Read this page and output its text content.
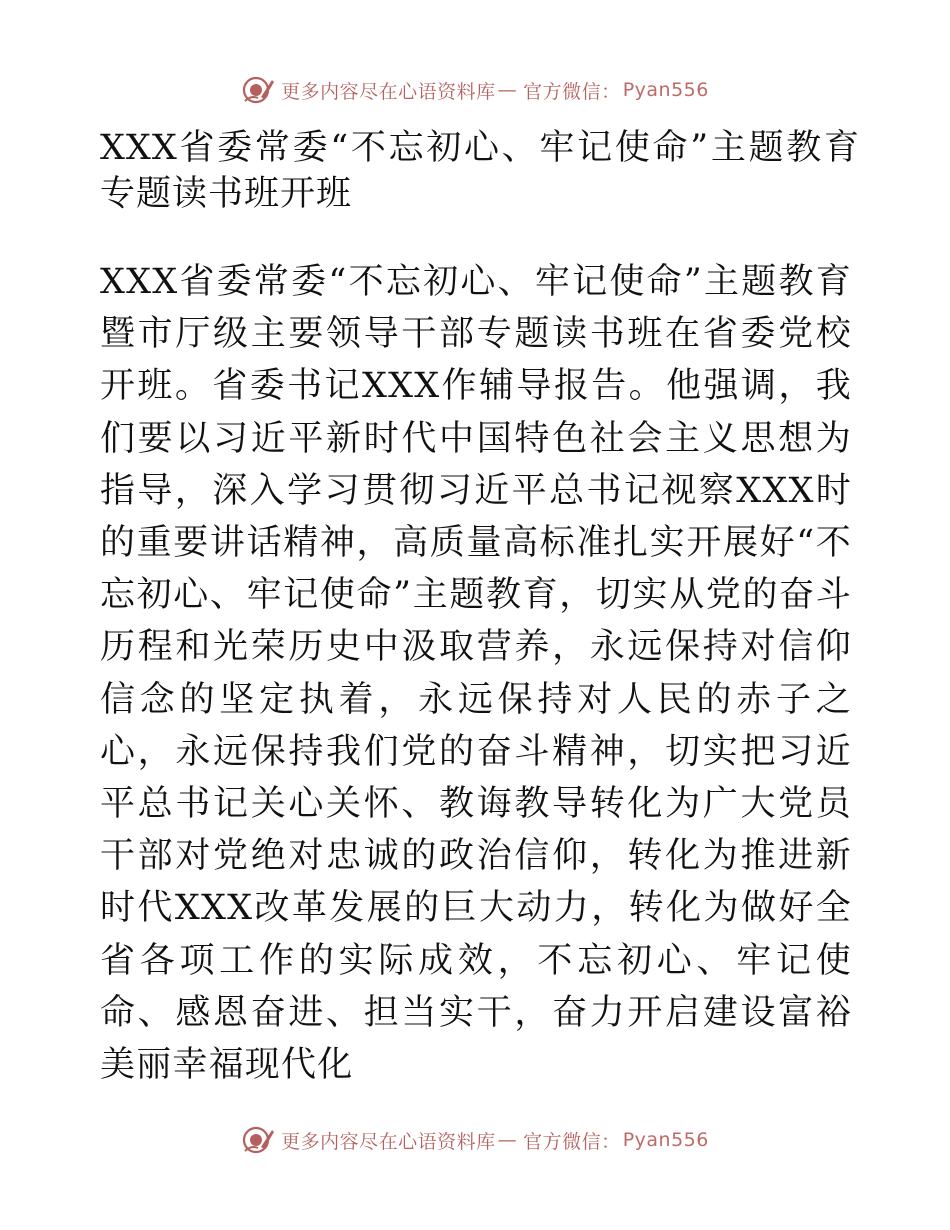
更多内容尽在心语资料库 — 官方微信： Pyan556
XXX省委常委“不忘初心、牢记使命”主题教育专题读书班开班

XXX省委常委“不忘初心、牢记使命”主题教育暨市厅级主要领导干部专题读书班在省委党校开班。省委书记XXX作辅导报告。他强调，我们要以习近平新时代中国特色社会主义思想为指导，深入学习贯彻习近平总书记视察XXX时的重要讲话精神，高质量高标准扎实开展好“不忘初心、牢记使命”主题教育，切实从党的奋斗历程和光荣历史中汲取营养，永远保持对信仰信念的坚定执着，永远保持对人民的赤子之心，永远保持我们党的奋斗精神，切实把习近平总书记关心关怀、教诲教导转化为广大党员干部对党绝对忠诚的政治信仰，转化为推进新时代XXX改革发展的巨大动力，转化为做好全省各项工作的实际成效，不忘初心、牢记使命、感恩奋进、担当实干，奋力开启建设富裕美丽幸福现代化

更多内容尽在心语资料库 — 官方微信： Pyan556
